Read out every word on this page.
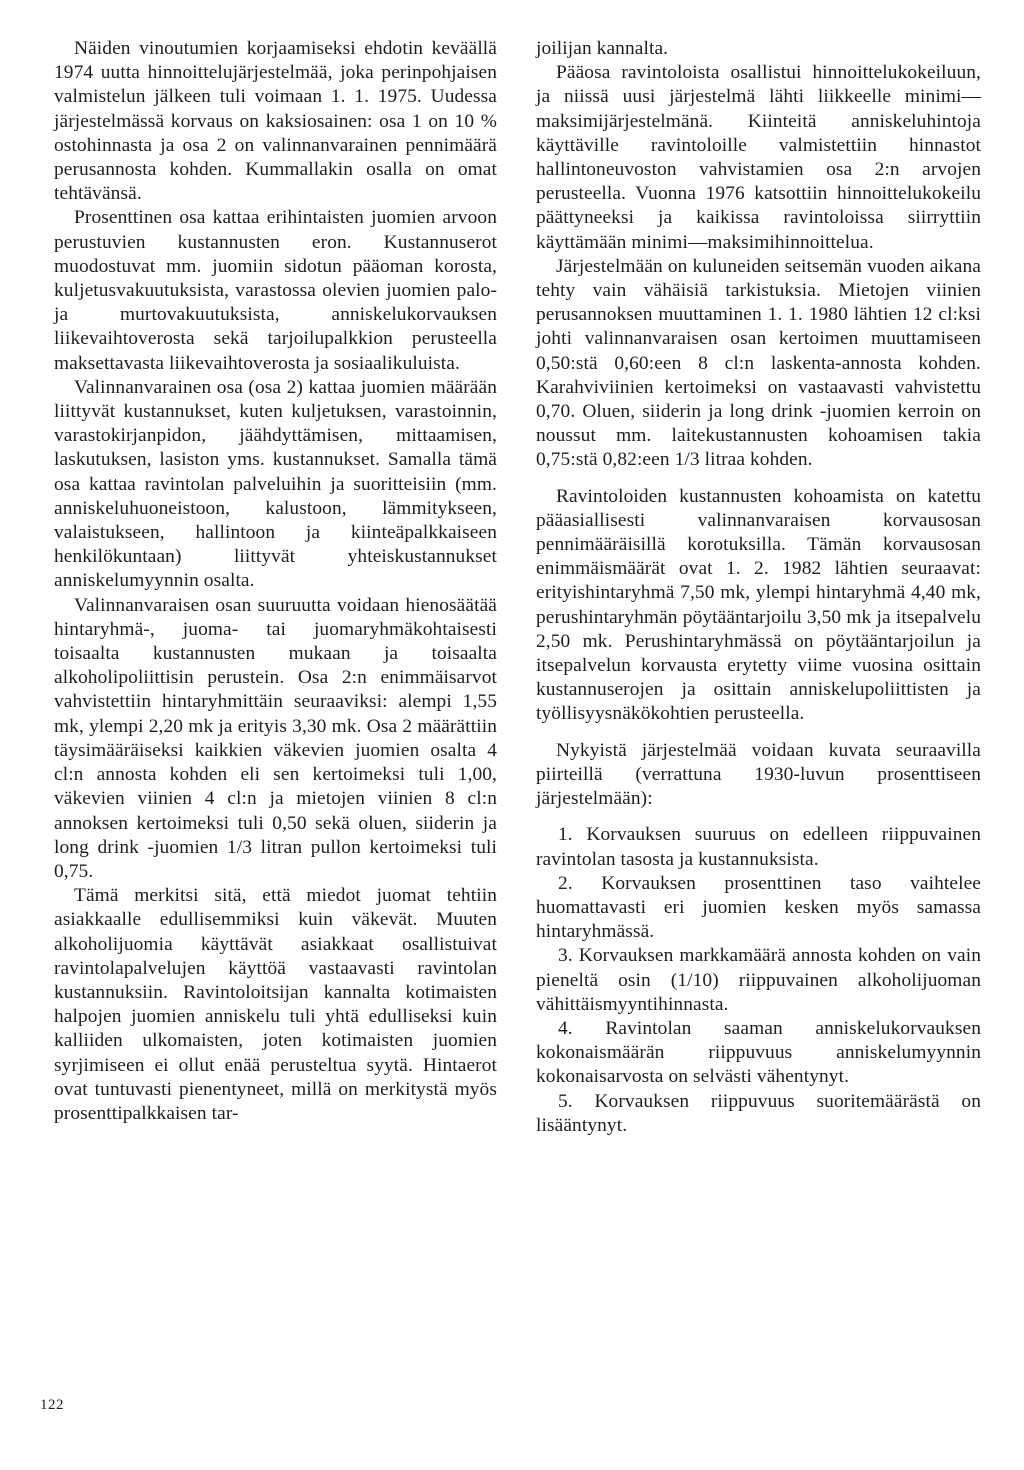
Näiden vinoutumien korjaamiseksi ehdotin keväällä 1974 uutta hinnoittelujärjestelmää, joka perinpohjaisen valmistelun jälkeen tuli voimaan 1. 1. 1975. Uudessa järjestelmässä korvaus on kaksiosainen: osa 1 on 10 % ostohinnasta ja osa 2 on valinnanvarainen pennimäärä perusannosta kohden. Kummallakin osalla on omat tehtävänsä.

Prosenttinen osa kattaa erihintaisten juomien arvoon perustuvien kustannusten eron. Kustannuserot muodostuvat mm. juomiin sidotun pääoman korosta, kuljetusvakuutuksista, varastossa olevien juomien palo- ja murtovakuutuksista, anniskelukorvauksen liikevaihtoverosta sekä tarjoilupalkkion perusteella maksettavasta liikevaihtoverosta ja sosiaalikuluista.

Valinnanvarainen osa (osa 2) kattaa juomien määrään liittyvät kustannukset, kuten kuljetuksen, varastoinnin, varastokirjanpidon, jäähdyttämisen, mittaamisen, laskutuksen, lasiston yms. kustannukset. Samalla tämä osa kattaa ravintolan palveluihin ja suoritteisiin (mm. anniskeluhuoneistoon, kalustoon, lämmitykseen, valaistukseen, hallintoon ja kiinteäpalkkaiseen henkilökuntaan) liittyvät yhteiskustannukset anniskelumyynnin osalta.

Valinnanvaraisen osan suuruutta voidaan hienosäätää hintaryhmä-, juoma- tai juomaryhmäkohtaisesti toisaalta kustannusten mukaan ja toisaalta alkoholipoliittisin perustein. Osa 2:n enimmäisarvot vahvistettiin hintaryhmittäin seuraaviksi: alempi 1,55 mk, ylempi 2,20 mk ja erityis 3,30 mk. Osa 2 määrättiin täysimääräiseksi kaikkien väkevien juomien osalta 4 cl:n annosta kohden eli sen kertoimeksi tuli 1,00, väkevien viinien 4 cl:n ja mietojen viinien 8 cl:n annoksen kertoimeksi tuli 0,50 sekä oluen, siiderin ja long drink -juomien 1/3 litran pullon kertoimeksi tuli 0,75.

Tämä merkitsi sitä, että miedot juomat tehtiin asiakkaalle edullisemmiksi kuin väkevät. Muuten alkoholijuomia käyttävät asiakkaat osallistuivat ravintolapalvelujen käyttöä vastaavasti ravintolan kustannuksiin. Ravintoloitsijan kannalta kotimaisten halpojen juomien anniskelu tuli yhtä edulliseksi kuin kalliiden ulkomaisten, joten kotimaisten juomien syrjimiseen ei ollut enää perusteltua syytä. Hintaerot ovat tuntuvasti pienentyneet, millä on merkitystä myös prosenttipalkkaisen tar-

joilijan kannalta.

Pääosa ravintoloista osallistui hinnoittelukokeiluun, ja niissä uusi järjestelmä lähti liikkeelle minimi—maksimijärjestelmänä. Kiinteitä anniskeluhintoja käyttäville ravintoloille valmistettiin hinnastot hallintoneuvoston vahvistamien osa 2:n arvojen perusteella. Vuonna 1976 katsottiin hinnoittelukokeilu päättyneeksi ja kaikissa ravintoloissa siirryttiin käyttämään minimi—maksimihinnoittelua.

Järjestelmään on kuluneiden seitsemän vuoden aikana tehty vain vähäisiä tarkistuksia. Mietojen viinien perusannoksen muuttaminen 1. 1. 1980 lähtien 12 cl:ksi johti valinnanvaraisen osan kertoimen muuttamiseen 0,50:stä 0,60:een 8 cl:n laskenta-annosta kohden. Karahviviinien kertoimeksi on vastaavasti vahvistettu 0,70. Oluen, siiderin ja long drink -juomien kerroin on noussut mm. laitekustannusten kohoamisen takia 0,75:stä 0,82:een 1/3 litraa kohden.

Ravintoloiden kustannusten kohoamista on katettu pääasiallisesti valinnanvaraisen korvausosan pennimääräisillä korotuksilla. Tämän korvausosan enimmäismäärät ovat 1. 2. 1982 lähtien seuraavat: erityishintaryhmä 7,50 mk, ylempi hintaryhmä 4,40 mk, perushintaryhmän pöytääntarjoilu 3,50 mk ja itsepalvelu 2,50 mk. Perushintaryhmässä on pöytääntarjoilun ja itsepalvelun korvausta erytetty viime vuosina osittain kustannuserojen ja osittain anniskelupoliittisten ja työllisyysnäkökohtien perusteella.

Nykyistä järjestelmää voidaan kuvata seuraavilla piirteillä (verrattuna 1930-luvun prosenttiseen järjestelmään):

1. Korvauksen suuruus on edelleen riippuvainen ravintolan tasosta ja kustannuksista.

2. Korvauksen prosenttinen taso vaihtelee huomattavasti eri juomien kesken myös samassa hintaryhmässä.

3. Korvauksen markkamäärä annosta kohden on vain pieneltä osin (1/10) riippuvainen alkoholijuoman vähittäismyyntihinnasta.

4. Ravintolan saaman anniskelukorvauksen kokonaismäärän riippuvuus anniskelumyynnin kokonaisarvosta on selvästi vähentynyt.

5. Korvauksen riippuvuus suoritemäärästä on lisääntynyt.

122
